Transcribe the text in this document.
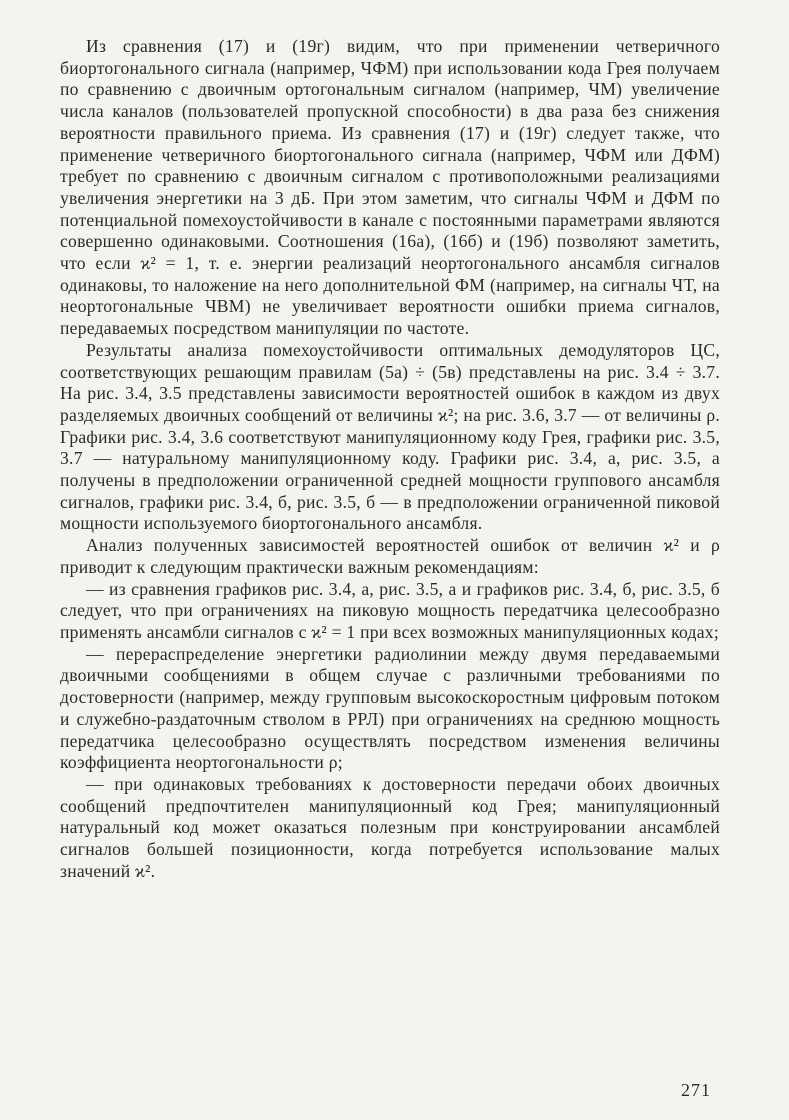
Из сравнения (17) и (19г) видим, что при применении четверичного биортогонального сигнала (например, ЧФМ) при использовании кода Грея получаем по сравнению с двоичным ортогональным сигналом (например, ЧМ) увеличение числа каналов (пользователей пропускной способности) в два раза без снижения вероятности правильного приема. Из сравнения (17) и (19г) следует также, что применение четверичного биортогонального сигнала (например, ЧФМ или ДФМ) требует по сравнению с двоичным сигналом с противоположными реализациями увеличения энергетики на 3 дБ. При этом заметим, что сигналы ЧФМ и ДФМ по потенциальной помехоустойчивости в канале с постоянными параметрами являются совершенно одинаковыми. Соотношения (16а), (16б) и (19б) позволяют заметить, что если ϰ² = 1, т. е. энергии реализаций неортогонального ансамбля сигналов одинаковы, то наложение на него дополнительной ФМ (например, на сигналы ЧТ, на неортогональные ЧВМ) не увеличивает вероятности ошибки приема сигналов, передаваемых посредством манипуляции по частоте.

Результаты анализа помехоустойчивости оптимальных демодуляторов ЦС, соответствующих решающим правилам (5а) ÷ (5в) представлены на рис. 3.4 ÷ 3.7. На рис. 3.4, 3.5 представлены зависимости вероятностей ошибок в каждом из двух разделяемых двоичных сообщений от величины ϰ²; на рис. 3.6, 3.7 — от величины ρ. Графики рис. 3.4, 3.6 соответствуют манипуляционному коду Грея, графики рис. 3.5, 3.7 — натуральному манипуляционному коду. Графики рис. 3.4, а, рис. 3.5, а получены в предположении ограниченной средней мощности группового ансамбля сигналов, графики рис. 3.4, б, рис. 3.5, б — в предположении ограниченной пиковой мощности используемого биортогонального ансамбля.

Анализ полученных зависимостей вероятностей ошибок от величин ϰ² и ρ приводит к следующим практически важным рекомендациям:

— из сравнения графиков рис. 3.4, а, рис. 3.5, а и графиков рис. 3.4, б, рис. 3.5, б следует, что при ограничениях на пиковую мощность передатчика целесообразно применять ансамбли сигналов с ϰ² = 1 при всех возможных манипуляционных кодах;

— перераспределение энергетики радиолинии между двумя передаваемыми двоичными сообщениями в общем случае с различными требованиями по достоверности (например, между групповым высокоскоростным цифровым потоком и служебно-раздаточным стволом в РРЛ) при ограничениях на среднюю мощность передатчика целесообразно осуществлять посредством изменения величины коэффициента неортогональности ρ;

— при одинаковых требованиях к достоверности передачи обоих двоичных сообщений предпочтителен манипуляционный код Грея; манипуляционный натуральный код может оказаться полезным при конструировании ансамблей сигналов большей позиционности, когда потребуется использование малых значений ϰ².

271
